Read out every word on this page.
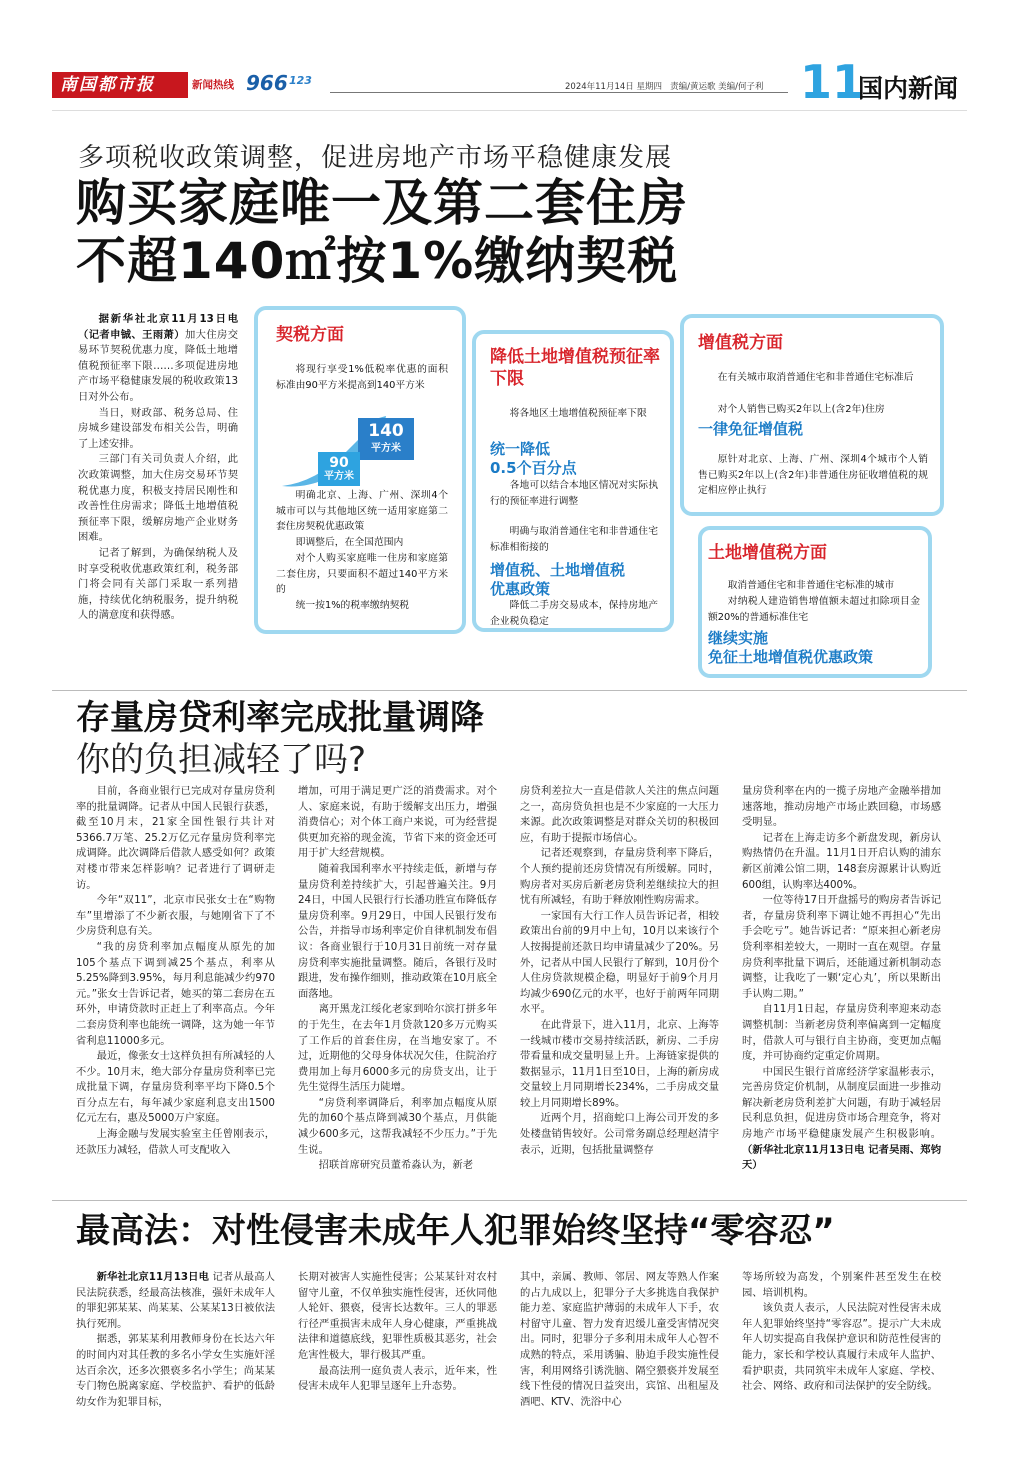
南国都市报	新闻热线 966 123	2024年11月14日 星期四 责编/黄运歌 美编/何子利 11
国内新闻
多项税收政策调整，促进房地产市场平稳健康发展
购买家庭唯一及第二套住房
不超140㎡按1%缴纳契税

据新华社北京11月13日电（记者申铖、王雨萧）加大住房交易环节契税优惠力度，降低土地增值税预征率下限……多项促进房地产市场平稳健康发展的税收政策13日对外公布。

当日，财政部、税务总局、住房城乡建设部发布相关公告，明确了上述安排。

三部门有关司负责人介绍，此次政策调整，加大住房交易环节契税优惠力度，积极支持居民刚性和改善性住房需求；降低土地增值税预征率下限，缓解房地产企业财务困难。

记者了解到，为确保纳税人及时享受税收优惠政策红利，税务部门将会同有关部门采取一系列措施，持续优化纳税服务，提升纳税人的满意度和获得感。

契税方面
将现行享受1%低税率优惠的面积标准由90平方米提高到140平方米
140
平方米
90
平方米
明确北京、上海、广州、深圳4个城市可以与其他地区统一适用家庭第二套住房契税优惠政策
即调整后，在全国范围内
对个人购买家庭唯一住房和家庭第二套住房，只要面积不超过140平方米的
统一按1%的税率缴纳契税
降低土地增值税预征率下限
将各地区土地增值税预征率下限
统一降低
0.5个百分点
各地可以结合本地区情况对实际执行的预征率进行调整
明确与取消普通住宅和非普通住宅标准相衔接的
增值税、土地增值税
优惠政策
降低二手房交易成本，保持房地产企业税负稳定
增值税方面
在有关城市取消普通住宅和非普通住宅标准后
对个人销售已购买2年以上(含2年)住房
一律免征增值税
原针对北京、上海、广州、深圳4个城市个人销售已购买2年以上(含2年)非普通住房征收增值税的规定相应停止执行
土地增值税方面
取消普通住宅和非普通住宅标准的城市
对纳税人建造销售增值额未超过扣除项目金额20%的普通标准住宅
继续实施
免征土地增值税优惠政策
存量房贷利率完成批量调降
你的负担减轻了吗?

目前，各商业银行已完成对存量房贷利率的批量调降。记者从中国人民银行获悉，截至10月末，21家全国性银行共计对5366.7万笔、25.2万亿元存量房贷利率完成调降。此次调降后借款人感受如何？政策对楼市带来怎样影响？记者进行了调研走访。

今年“双11”，北京市民张女士在“购物车”里增添了不少新衣服，与她刚省下了不少房贷利息有关。

“我的房贷利率加点幅度从原先的加105个基点下调到减25个基点，利率从5.25%降到3.95%，每月利息能减少约970元。”张女士告诉记者，她买的第二套房在五环外，申请贷款时正赶上了利率高点。今年二套房贷利率也能统一调降，这为她一年节省利息11000多元。

最近，像张女士这样负担有所减轻的人不少。10月末，绝大部分存量房贷利率已完成批量下调，存量房贷利率平均下降0.5个百分点左右，每年减少家庭利息支出1500亿元左右，惠及5000万户家庭。

上海金融与发展实验室主任曾刚表示，还款压力减轻，借款人可支配收入

增加，可用于满足更广泛的消费需求。对个人、家庭来说，有助于缓解支出压力，增强消费信心；对个体工商户来说，可为经营提供更加充裕的现金流，节省下来的资金还可用于扩大经营规模。

随着我国利率水平持续走低，新增与存量房贷利差持续扩大，引起普遍关注。9月24日，中国人民银行行长潘功胜宣布降低存量房贷利率。9月29日，中国人民银行发布公告，并指导市场利率定价自律机制发布倡议：各商业银行于10月31日前统一对存量房贷利率实施批量调整。随后，各银行及时跟进，发布操作细则，推动政策在10月底全面落地。

离开黑龙江绥化老家到哈尔滨打拼多年的于先生，在去年1月贷款120多万元购买了工作后的首套住房，在当地安家了。不过，近期他的父母身体状况欠佳，住院治疗费用加上每月6000多元的房贷支出，让于先生觉得生活压力陡增。

“房贷利率调降后，利率加点幅度从原先的加60个基点降到减30个基点，月供能减少600多元，这帮我减轻不少压力。”于先生说。

招联首席研究员董希淼认为，新老

房贷利差拉大一直是借款人关注的焦点问题之一，高房贷负担也是不少家庭的一大压力来源。此次政策调整是对群众关切的积极回应，有助于提振市场信心。

记者还观察到，存量房贷利率下降后，个人预约提前还房贷情况有所缓解。同时，购房者对买房后新老房贷利差继续拉大的担忧有所减轻，有助于释放刚性购房需求。

一家国有大行工作人员告诉记者，相较政策出台前的9月中上旬，10月以来该行个人按揭提前还款日均申请量减少了20%。另外，记者从中国人民银行了解到，10月份个人住房贷款规模企稳，明显好于前9个月月均减少690亿元的水平，也好于前两年同期水平。

在此背景下，进入11月，北京、上海等一线城市楼市交易持续活跃，新房、二手房带看量和成交量明显上升。上海链家提供的数据显示，11月1日至10日，上海的新房成交量较上月同期增长234%，二手房成交量较上月同期增长89%。

近两个月，招商蛇口上海公司开发的多处楼盘销售较好。公司常务副总经理赵清宇表示，近期，包括批量调整存

量房贷利率在内的一揽子房地产金融举措加速落地，推动房地产市场止跌回稳，市场感受明显。

记者在上海走访多个新盘发现，新房认购热情仍在升温。11月1日开启认购的浦东新区前滩公馆二期，148套房源累计认购近600组，认购率达400%。

一位等待17日开盘摇号的购房者告诉记者，存量房贷利率下调让她不再担心“先出手会吃亏”。她告诉记者：“原来担心新老房贷利率相差较大，一期时一直在观望。存量房贷利率批量下调后，还能通过新机制动态调整，让我吃了一颗‘定心丸’，所以果断出手认购二期。”

自11月1日起，存量房贷利率迎来动态调整机制：当新老房贷利率偏离到一定幅度时，借款人可与银行自主协商，变更加点幅度，并可协商约定重定价周期。

中国民生银行首席经济学家温彬表示，完善房贷定价机制，从制度层面进一步推动解决新老房贷利差扩大问题，有助于减轻居民利息负担，促进房贷市场合理竞争，将对房地产市场平稳健康发展产生积极影响。（新华社北京11月13日电 记者吴雨、郑钧天）

最高法：对性侵害未成年人犯罪始终坚持“零容忍”

新华社北京11月13日电 记者从最高人民法院获悉，经最高法核准，强奸未成年人的罪犯郭某某、尚某某、公某某13日被依法执行死刑。

据悉，郭某某利用教师身份在长达六年的时间内对其任教的多名小学女生实施奸淫达百余次，还多次猥亵多名小学生；尚某某专门物色脱离家庭、学校监护、看护的低龄幼女作为犯罪目标，

长期对被害人实施性侵害；公某某针对农村留守儿童，不仅单独实施性侵害，还伙同他人轮奸、猥亵，侵害长达数年。三人的罪恶行径严重损害未成年人身心健康，严重挑战法律和道德底线，犯罪性质极其恶劣，社会危害性极大，罪行极其严重。

最高法刑一庭负责人表示，近年来，性侵害未成年人犯罪呈逐年上升态势。

其中，亲属、教师、邻居、网友等熟人作案的占九成以上，犯罪分子大多挑选自我保护能力差、家庭监护薄弱的未成年人下手，农村留守儿童、智力发育迟缓儿童受害情况突出。同时，犯罪分子多利用未成年人心智不成熟的特点，采用诱骗、胁迫手段实施性侵害，利用网络引诱洗脑、隔空猥亵并发展至线下性侵的情况日益突出，宾馆、出租屋及酒吧、KTV、洗浴中心

等场所较为高发，个别案件甚至发生在校园、培训机构。

该负责人表示，人民法院对性侵害未成年人犯罪始终坚持“零容忍”。提示广大未成年人切实提高自我保护意识和防范性侵害的能力，家长和学校认真履行未成年人监护、看护职责，共同筑牢未成年人家庭、学校、社会、网络、政府和司法保护的安全防线。
